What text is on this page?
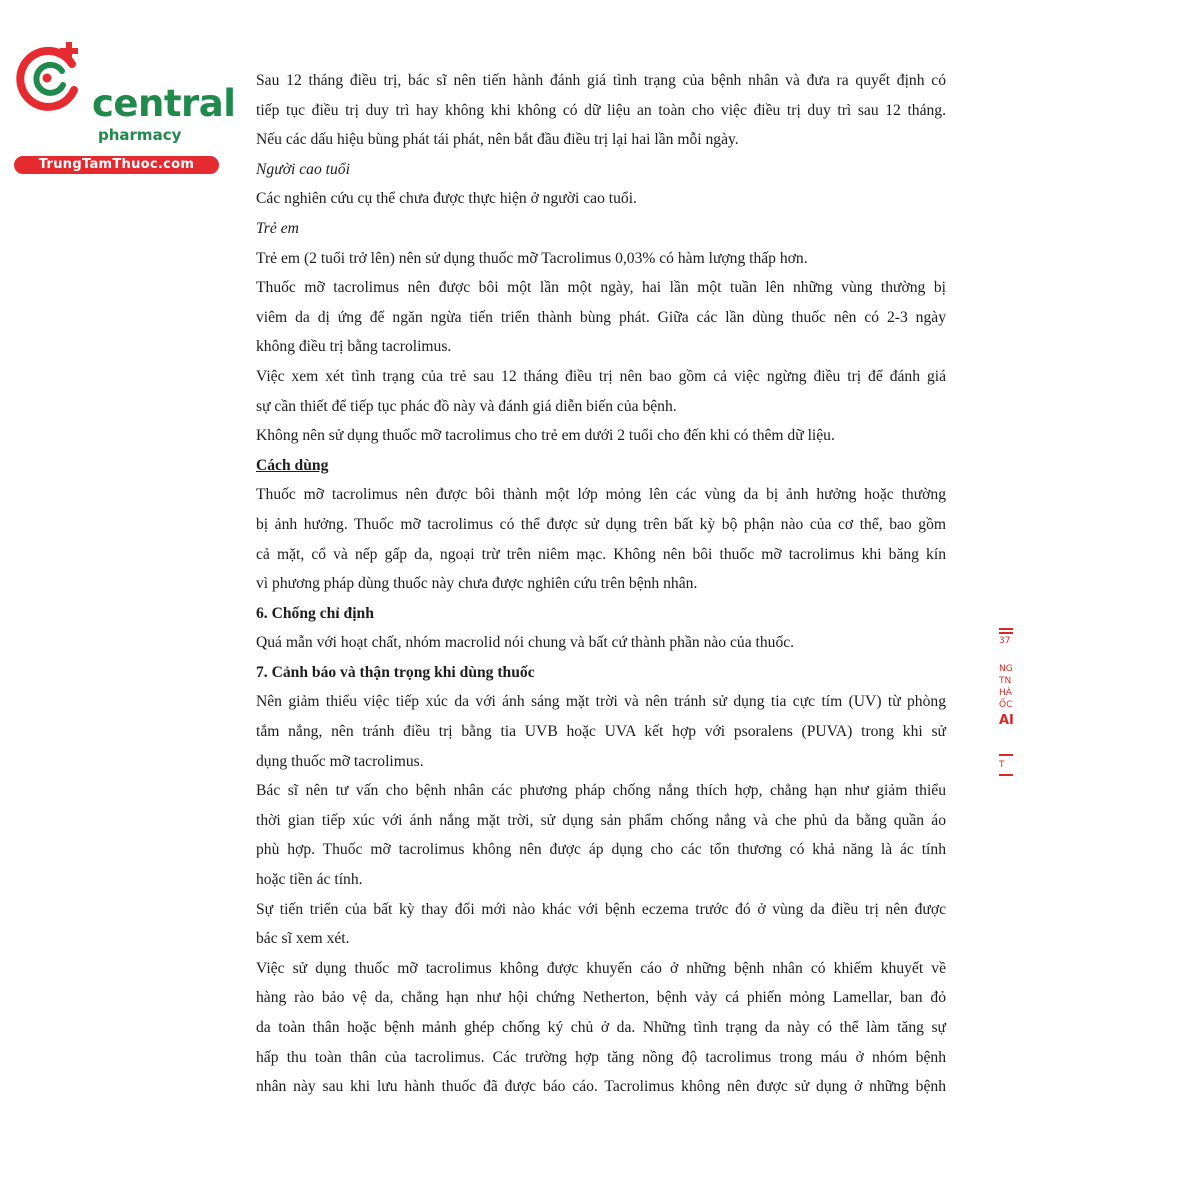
central
pharmacy
TrungTamThuoc.com

Sau 12 tháng điều trị, bác sĩ nên tiến hành đánh giá tình trạng của bệnh nhân và đưa ra quyết định có

tiếp tục điều trị duy trì hay không khi không có dữ liệu an toàn cho việc điều trị duy trì sau 12 tháng.

Nếu các dấu hiệu bùng phát tái phát, nên bắt đầu điều trị lại hai lần mỗi ngày.

Người cao tuổi

Các nghiên cứu cụ thể chưa được thực hiện ở người cao tuổi.

Trẻ em

Trẻ em (2 tuổi trở lên) nên sử dụng thuốc mỡ Tacrolimus 0,03% có hàm lượng thấp hơn.

Thuốc mỡ tacrolimus nên được bôi một lần một ngày, hai lần một tuần lên những vùng thường bị

viêm da dị ứng để ngăn ngừa tiến triển thành bùng phát. Giữa các lần dùng thuốc nên có 2-3 ngày

không điều trị bằng tacrolimus.

Việc xem xét tình trạng của trẻ sau 12 tháng điều trị nên bao gồm cả việc ngừng điều trị để đánh giá

sự cần thiết để tiếp tục phác đồ này và đánh giá diễn biến của bệnh.

Không nên sử dụng thuốc mỡ tacrolimus cho trẻ em dưới 2 tuổi cho đến khi có thêm dữ liệu.

Cách dùng

Thuốc mỡ tacrolimus nên được bôi thành một lớp mỏng lên các vùng da bị ảnh hưởng hoặc thường

bị ảnh hưởng. Thuốc mỡ tacrolimus có thể được sử dụng trên bất kỳ bộ phận nào của cơ thể, bao gồm

cả mặt, cổ và nếp gấp da, ngoại trừ trên niêm mạc. Không nên bôi thuốc mỡ tacrolimus khi băng kín

vì phương pháp dùng thuốc này chưa được nghiên cứu trên bệnh nhân.

6. Chống chỉ định

Quá mẫn với hoạt chất, nhóm macrolid nói chung và bất cứ thành phần nào của thuốc.

7. Cảnh báo và thận trọng khi dùng thuốc

Nên giảm thiểu việc tiếp xúc da với ánh sáng mặt trời và nên tránh sử dụng tia cực tím (UV) từ phòng

tắm nắng, nên tránh điều trị bằng tia UVB hoặc UVA kết hợp với psoralens (PUVA) trong khi sử

dụng thuốc mỡ tacrolimus.

Bác sĩ nên tư vấn cho bệnh nhân các phương pháp chống nắng thích hợp, chẳng hạn như giảm thiểu

thời gian tiếp xúc với ánh nắng mặt trời, sử dụng sản phẩm chống nắng và che phủ da bằng quần áo

phù hợp. Thuốc mỡ tacrolimus không nên được áp dụng cho các tổn thương có khả năng là ác tính

hoặc tiền ác tính.

Sự tiến triển của bất kỳ thay đổi mới nào khác với bệnh eczema trước đó ở vùng da điều trị nên được

bác sĩ xem xét.

Việc sử dụng thuốc mỡ tacrolimus không được khuyến cáo ở những bệnh nhân có khiếm khuyết về

hàng rào bảo vệ da, chẳng hạn như hội chứng Netherton, bệnh vảy cá phiến mỏng Lamellar, ban đỏ

da toàn thân hoặc bệnh mảnh ghép chống ký chủ ở da. Những tình trạng da này có thể làm tăng sự

hấp thu toàn thân của tacrolimus. Các trường hợp tăng nồng độ tacrolimus trong máu ở nhóm bệnh

nhân này sau khi lưu hành thuốc đã được báo cáo. Tacrolimus không nên được sử dụng ở những bệnh

37
NG
TN
HÀ
ỐC
AI
T
